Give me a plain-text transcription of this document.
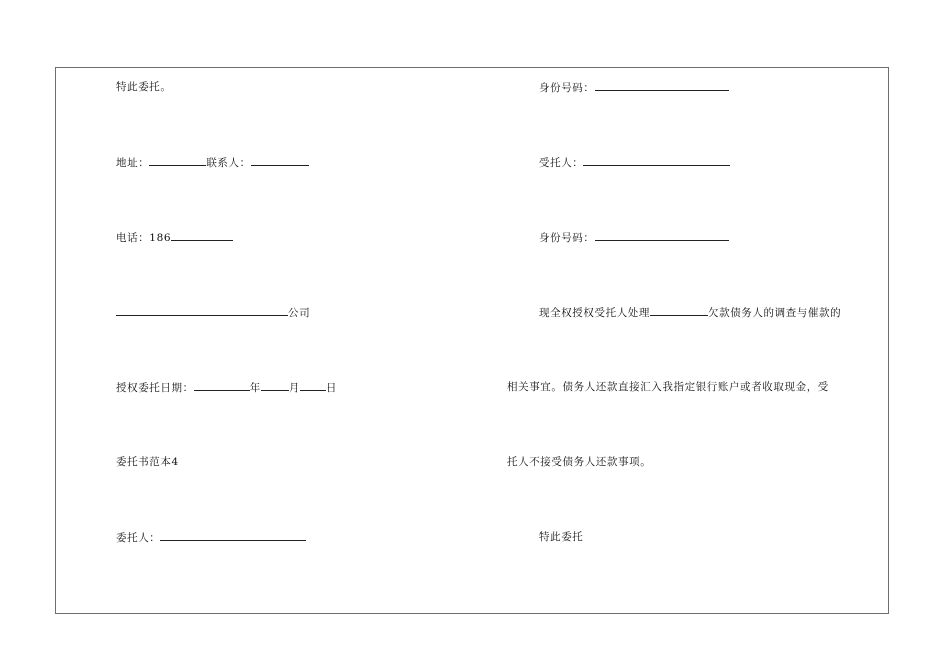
特此委托。
地址：	联系人：
电话：186
公司
授权委托日期：	年	月 日
委托书范本4
委托人：
身份号码：
受托人：
身份号码：
现全权授权受托人处理	欠款债务人的调查与催款的
相关事宜。债务人还款直接汇入我指定银行账户或者收取现金，受
托人不接受债务人还款事项。
特此委托
